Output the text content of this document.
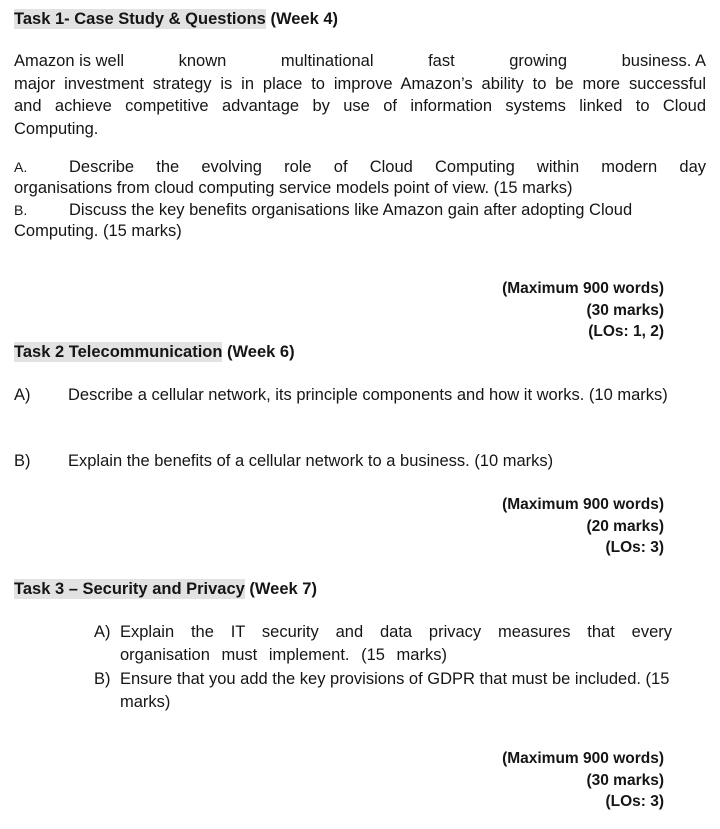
Task 1- Case Study & Questions (Week 4)
Amazon is well	known	multinational	fast	growing	business. A
major investment strategy is in place to improve Amazon’s ability to be more successful
and achieve competitive advantage by use of information systems linked to Cloud
Computing.
A.	Describe the evolving role of Cloud Computing within modern day
organisations from cloud computing service models point of view. (15 marks)
B.	Discuss the key benefits organisations like Amazon gain after adopting Cloud
Computing. (15 marks)
(Maximum 900 words)
(30 marks)
(LOs: 1, 2)
Task 2 Telecommunication (Week 6)
A)	Describe a cellular network, its principle components and how it works. (10 marks)
B)	Explain the benefits of a cellular network to a business. (10 marks)
(Maximum 900 words)
(20 marks)
(LOs: 3)
Task 3 – Security and Privacy (Week 7)
A) Explain the IT security and data privacy measures that every organisation must implement. (15 marks)
B) Ensure that you add the key provisions of GDPR that must be included. (15 marks)
(Maximum 900 words)
(30 marks)
(LOs: 3)
